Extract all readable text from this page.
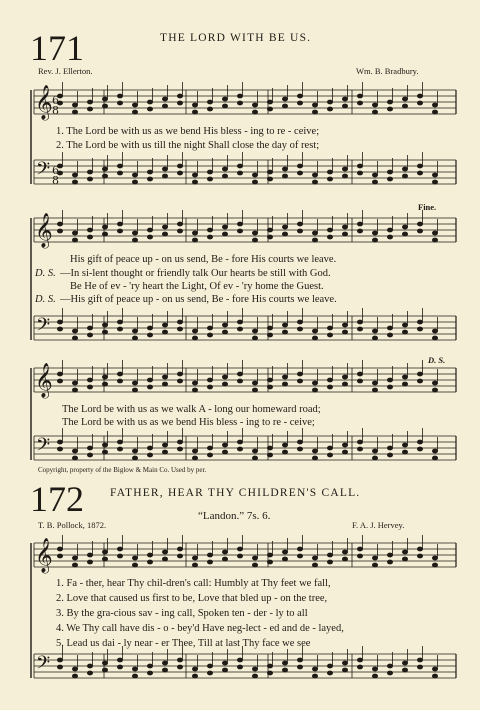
171	THE LORD WITH BE US.
Rev. J. Ellerton.	Wm. B. Bradbury.
𝄞
𝄞
𝄞
𝄞
𝄢
𝄢
𝄢
𝄢
6
8
6
8
1. The Lord be with us as we bend His bless - ing to re - ceive;
2. The Lord be with us till the night Shall close the day of rest;
Fine.
His gift of peace up - on us send, Be - fore His courts we leave.
D. S. —In si-lent thought or friendly talk Our hearts be still with God.
Be He of ev - 'ry heart the Light, Of ev - 'ry home the Guest.
D. S. —His gift of peace up - on us send, Be - fore His courts we leave.
D. S.
The Lord be with us as we walk A - long our homeward road;
The Lord be with us as we bend His bless - ing to re - ceive;
Copyright, property of the Biglow & Main Co. Used by per.
172 FATHER, HEAR THY CHILDREN'S CALL.
“Landon.” 7s. 6.
T. B. Pollock, 1872.	F. A. J. Hervey.
1. Fa - ther, hear Thy chil-dren's call: Humbly at Thy feet we fall,
2. Love that caused us first to be, Love that bled up - on the tree,
3. By the gra-cious sav - ing call, Spoken ten - der - ly to all
4. We Thy call have dis - o - bey'd Have neg-lect - ed and de - layed,
5. Lead us dai - ly near - er Thee, Till at last Thy face we see
